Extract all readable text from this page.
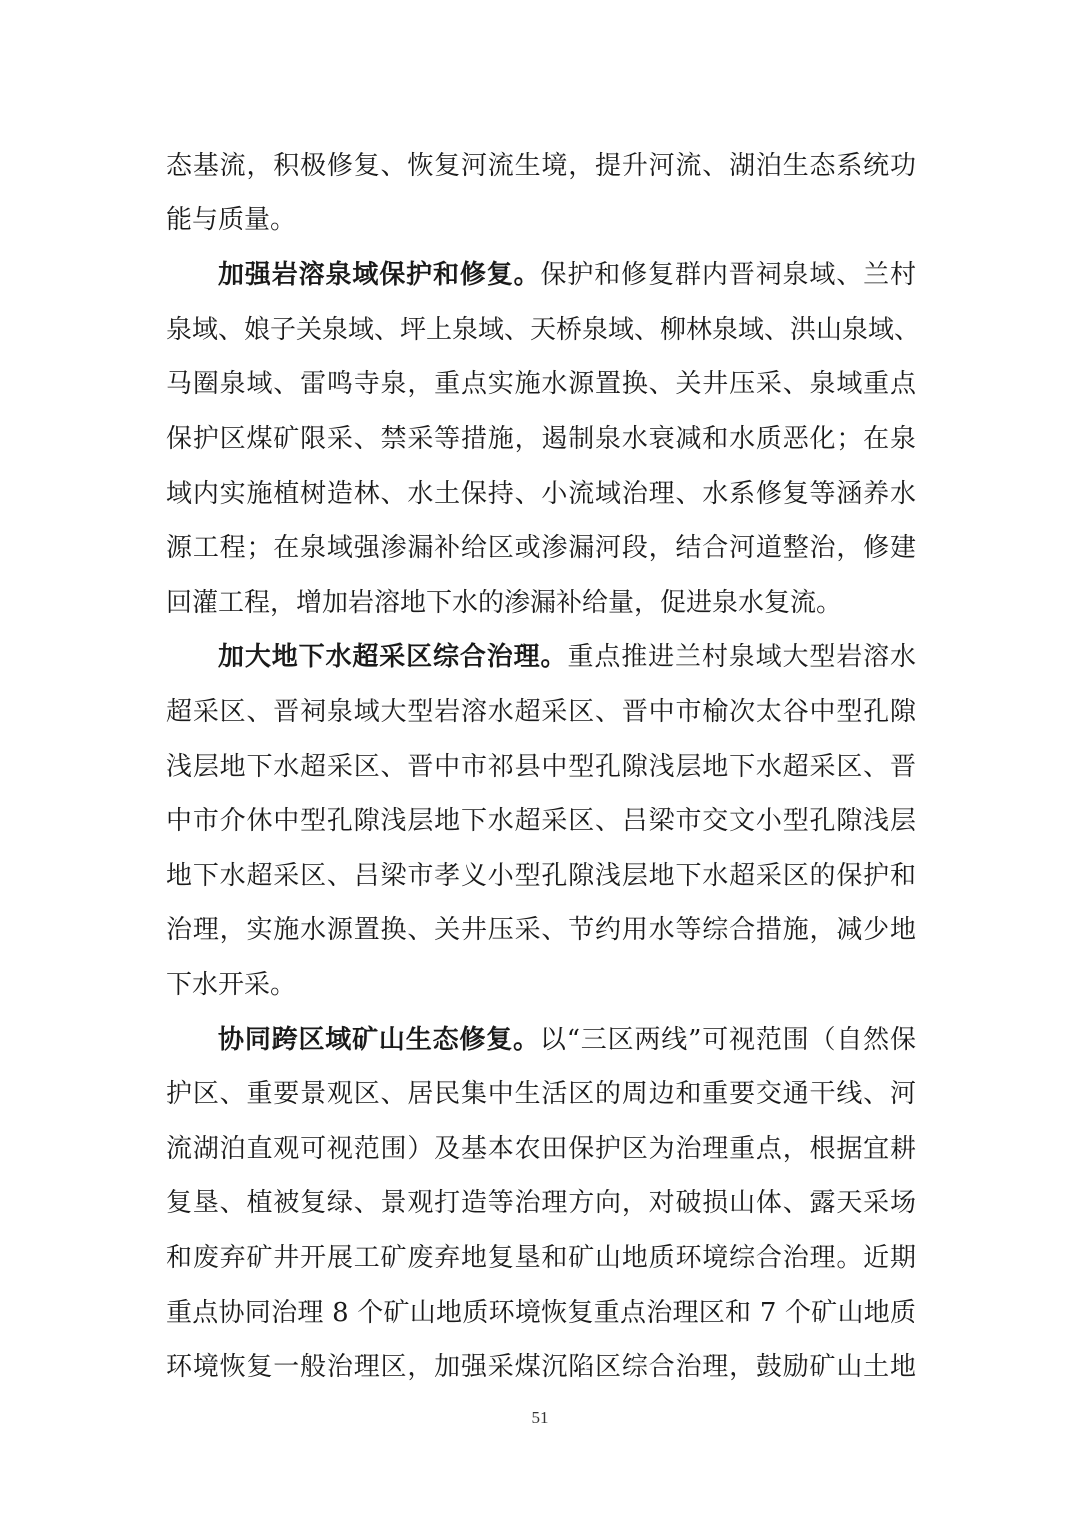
态基流，积极修复、恢复河流生境，提升河流、湖泊生态系统功
能与质量。
加强岩溶泉域保护和修复。保护和修复群内晋祠泉域、兰村
泉域、娘子关泉域、坪上泉域、天桥泉域、柳林泉域、洪山泉域、
马圈泉域、雷鸣寺泉，重点实施水源置换、关井压采、泉域重点
保护区煤矿限采、禁采等措施，遏制泉水衰减和水质恶化；在泉
域内实施植树造林、水土保持、小流域治理、水系修复等涵养水
源工程；在泉域强渗漏补给区或渗漏河段，结合河道整治，修建
回灌工程，增加岩溶地下水的渗漏补给量，促进泉水复流。
加大地下水超采区综合治理。重点推进兰村泉域大型岩溶水
超采区、晋祠泉域大型岩溶水超采区、晋中市榆次太谷中型孔隙
浅层地下水超采区、晋中市祁县中型孔隙浅层地下水超采区、晋
中市介休中型孔隙浅层地下水超采区、吕梁市交文小型孔隙浅层
地下水超采区、吕梁市孝义小型孔隙浅层地下水超采区的保护和
治理，实施水源置换、关井压采、节约用水等综合措施，减少地
下水开采。
协同跨区域矿山生态修复。以“三区两线”可视范围（自然保
护区、重要景观区、居民集中生活区的周边和重要交通干线、河
流湖泊直观可视范围）及基本农田保护区为治理重点，根据宜耕
复垦、植被复绿、景观打造等治理方向，对破损山体、露天采场
和废弃矿井开展工矿废弃地复垦和矿山地质环境综合治理。近期
重点协同治理 8 个矿山地质环境恢复重点治理区和 7 个矿山地质
环境恢复一般治理区，加强采煤沉陷区综合治理，鼓励矿山土地
51
